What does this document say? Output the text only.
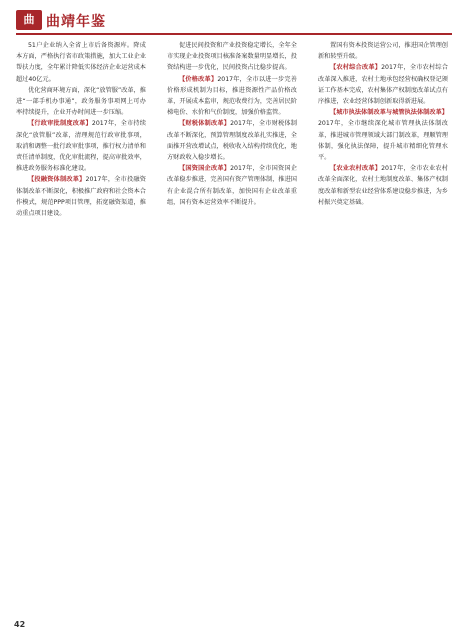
曲 曲靖年鉴

51户企业纳入全省上市后备资源库。降成本方面，严格执行省市政策措施，加大工业企业帮扶力度，全年累计降低实体经济企业运营成本超过40亿元。

优化营商环境方面，深化“放管服”改革，推进“一部手机办事通”，政务服务事项网上可办率持续提升，企业开办时间进一步压缩。

【行政审批制度改革】2017年，全市持续深化“放管服”改革，清理规范行政审批事项，取消和调整一批行政审批事项，推行权力清单和责任清单制度，优化审批流程，提高审批效率，推进政务服务标准化建设。

【投融资体制改革】2017年，全市投融资体制改革不断深化，积极推广政府和社会资本合作模式，规范PPP项目管理，拓宽融资渠道，推动重点项目建设。

促进民间投资和产业投资稳定增长，全年全市实现企业投资项目核准备案数量明显增长，投资结构进一步优化，民间投资占比稳步提高。

【价格改革】2017年，全市以进一步完善价格形成机制为目标，推进资源性产品价格改革，开展成本监审，规范收费行为，完善居民阶梯电价、水价和气价制度，加强价格监管。

【财税体制改革】2017年，全市财税体制改革不断深化，预算管理制度改革扎实推进，全面推开营改增试点，税收收入结构持续优化，地方财政收入稳步增长。

【国资国企改革】2017年，全市国资国企改革稳步推进，完善国有资产管理体制，推进国有企业混合所有制改革，加快国有企业改革重组，国有资本运营效率不断提升。

置国有资本投资运营公司，推进国企管理创新和转型升级。

【农村综合改革】2017年，全市农村综合改革深入推进，农村土地承包经营权确权登记颁证工作基本完成，农村集体产权制度改革试点有序推进，农业经营体制创新取得新进展。

【城市执法体制改革与城管执法体制改革】2017年，全市继续深化城市管理执法体制改革，推进城市管理领域大部门制改革，理顺管理体制，强化执法保障，提升城市精细化管理水平。

【农业农村改革】2017年，全市农业农村改革全面深化，农村土地制度改革、集体产权制度改革和新型农业经营体系建设稳步推进，为乡村振兴奠定基础。

42
